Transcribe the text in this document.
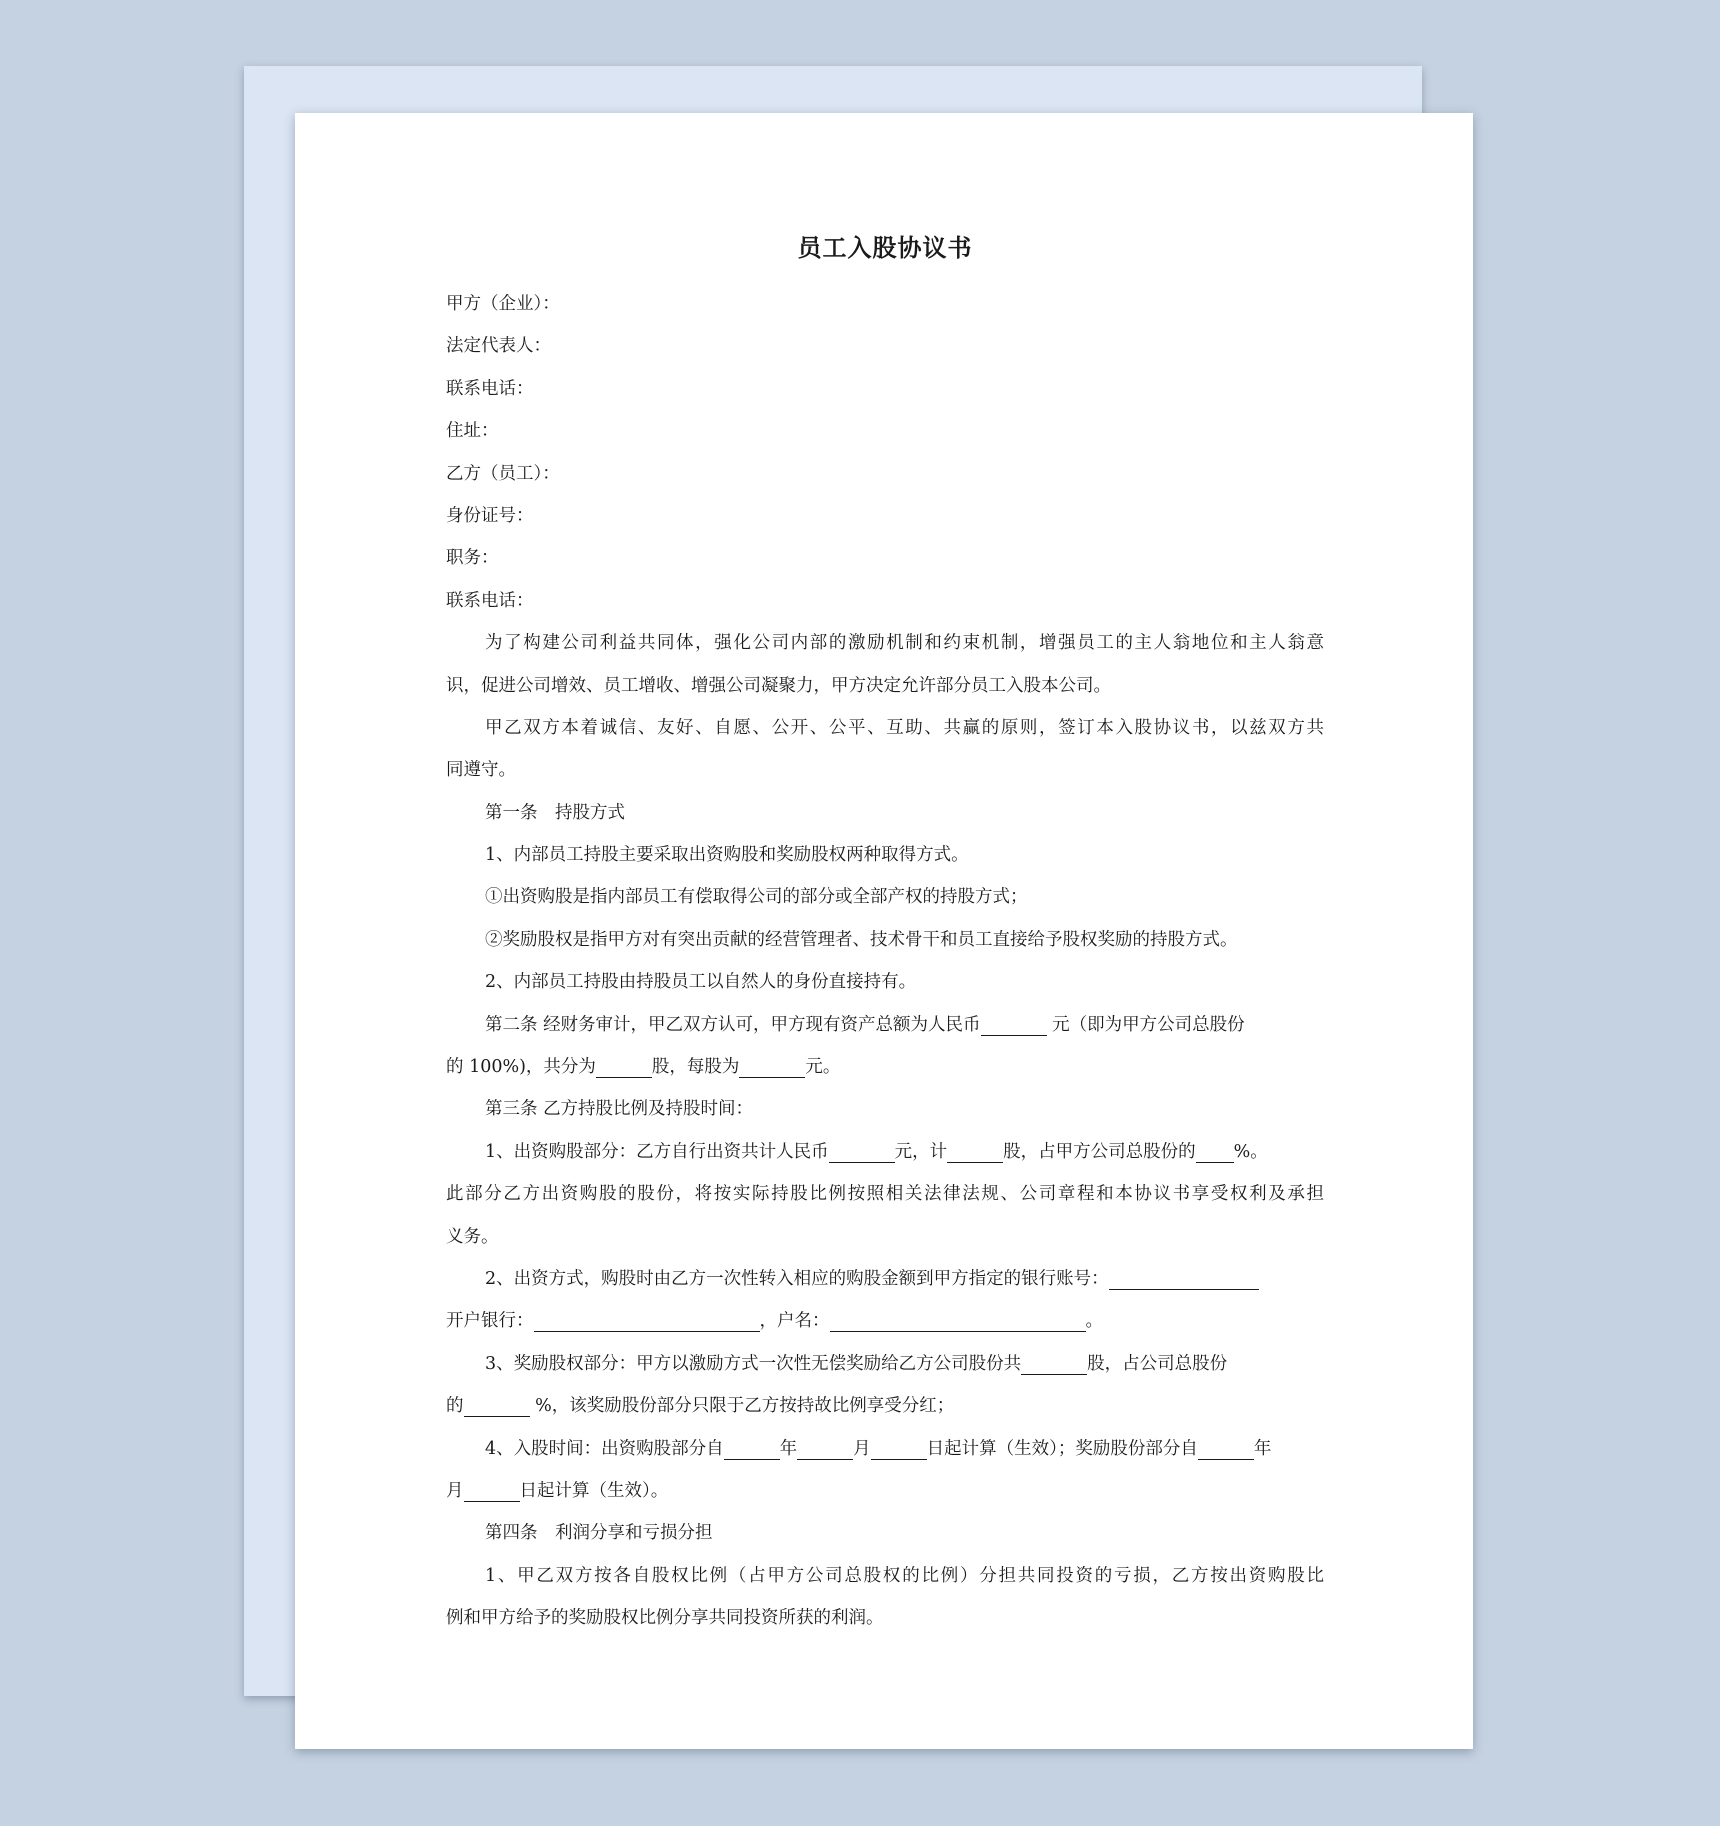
员工入股协议书
甲方（企业）：
法定代表人：
联系电话：
住址：
乙方（员工）：
身份证号：
职务：
联系电话：
为了构建公司利益共同体，强化公司内部的激励机制和约束机制，增强员工的主人翁地位和主人翁意
识，促进公司增效、员工增收、增强公司凝聚力，甲方决定允许部分员工入股本公司。
甲乙双方本着诚信、友好、自愿、公开、公平、互助、共赢的原则，签订本入股协议书，以兹双方共
同遵守。
第一条　持股方式
1、内部员工持股主要采取出资购股和奖励股权两种取得方式。
①出资购股是指内部员工有偿取得公司的部分或全部产权的持股方式；
②奖励股权是指甲方对有突出贡献的经营管理者、技术骨干和员工直接给予股权奖励的持股方式。
2、内部员工持股由持股员工以自然人的身份直接持有。
第二条 经财务审计，甲乙双方认可，甲方现有资产总额为人民币	元（即为甲方公司总股份
的 100%)，共分为	股，每股为	元。
第三条 乙方持股比例及持股时间：
1、出资购股部分：乙方自行出资共计人民币	元，计	股，占甲方公司总股份的 %。
此部分乙方出资购股的股份，将按实际持股比例按照相关法律法规、公司章程和本协议书享受权利及承担
义务。
2、出资方式，购股时由乙方一次性转入相应的购股金额到甲方指定的银行账号：
开户银行：	，户名：	。
3、奖励股权部分：甲方以激励方式一次性无偿奖励给乙方公司股份共	股，占公司总股份
的	%，该奖励股份部分只限于乙方按持故比例享受分红；
4、入股时间：出资购股部分自	年	月	日起计算（生效）；奖励股份部分自	年
月	日起计算（生效）。
第四条　利润分享和亏损分担
1、甲乙双方按各自股权比例（占甲方公司总股权的比例）分担共同投资的亏损，乙方按出资购股比
例和甲方给予的奖励股权比例分享共同投资所获的利润。
